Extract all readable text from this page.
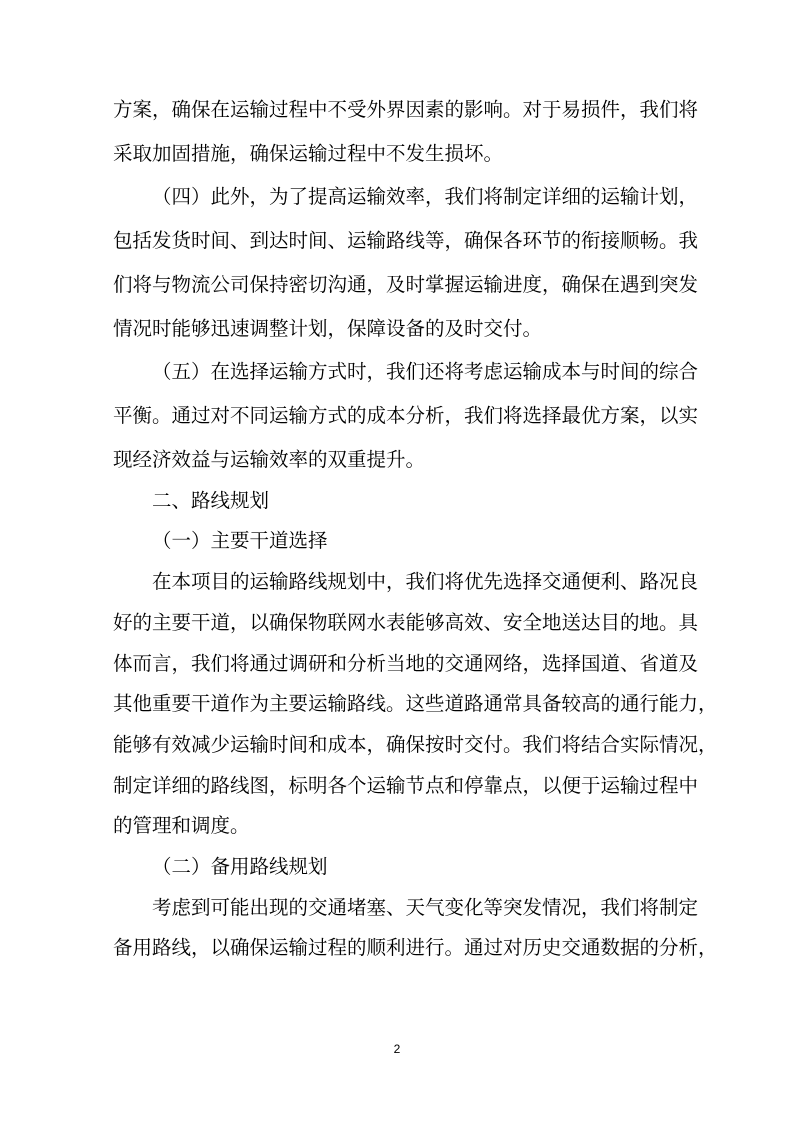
方案，确保在运输过程中不受外界因素的影响。对于易损件，我们将
采取加固措施，确保运输过程中不发生损坏。
（四）此外，为了提高运输效率，我们将制定详细的运输计划，
包括发货时间、到达时间、运输路线等，确保各环节的衔接顺畅。我
们将与物流公司保持密切沟通，及时掌握运输进度，确保在遇到突发
情况时能够迅速调整计划，保障设备的及时交付。
（五）在选择运输方式时，我们还将考虑运输成本与时间的综合
平衡。通过对不同运输方式的成本分析，我们将选择最优方案，以实
现经济效益与运输效率的双重提升。
二、路线规划
（一）主要干道选择
在本项目的运输路线规划中，我们将优先选择交通便利、路况良
好的主要干道，以确保物联网水表能够高效、安全地送达目的地。具
体而言，我们将通过调研和分析当地的交通网络，选择国道、省道及
其他重要干道作为主要运输路线。这些道路通常具备较高的通行能力，
能够有效减少运输时间和成本，确保按时交付。我们将结合实际情况，
制定详细的路线图，标明各个运输节点和停靠点，以便于运输过程中
的管理和调度。
（二）备用路线规划
考虑到可能出现的交通堵塞、天气变化等突发情况，我们将制定
备用路线，以确保运输过程的顺利进行。通过对历史交通数据的分析，
2
